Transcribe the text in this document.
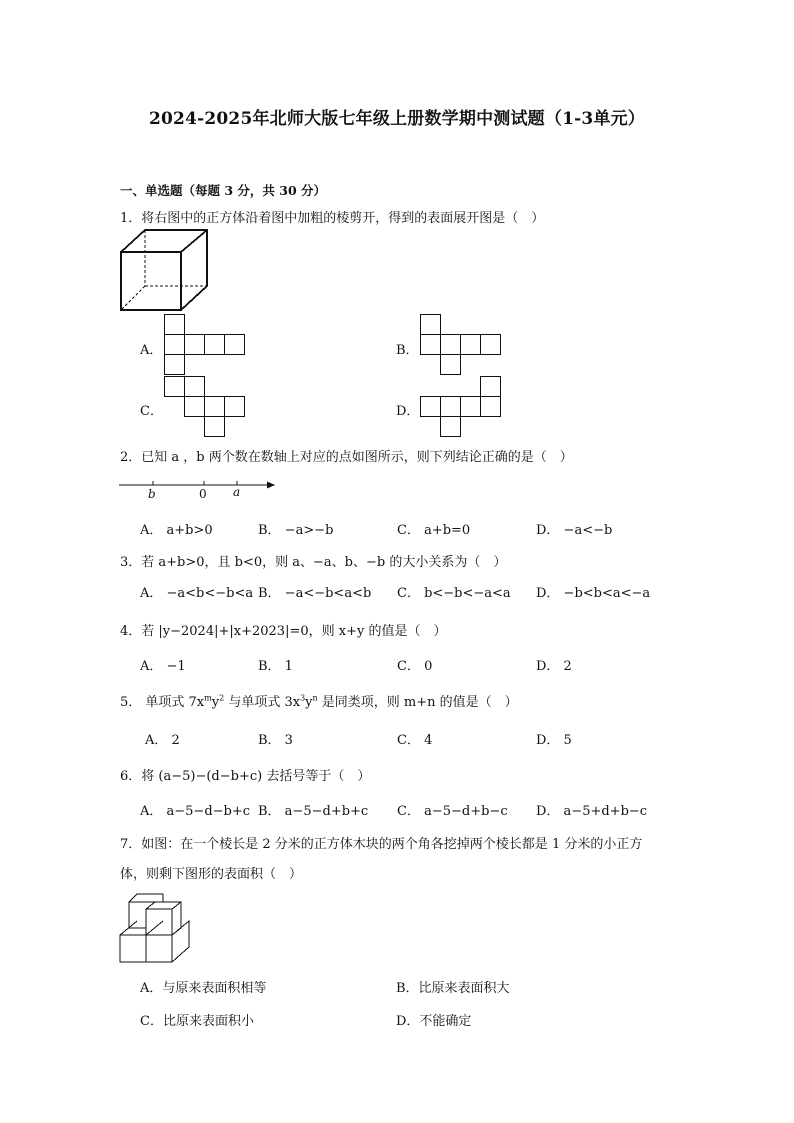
2024-2025年北师大版七年级上册数学期中测试题（1-3单元）
一、单选题（每题 3 分，共 30 分）
1．将右图中的正方体沿着图中加粗的棱剪开，得到的表面展开图是（　）
A．	B．
C．	D．
2．已知 a ，b 两个数在数轴上对应的点如图所示，则下列结论正确的是（　）
b	0 a
A． a+b>0	B． −a>−b	C． a+b=0	D． −a<−b
3．若 a+b>0，且 b<0，则 a、−a、b、−b 的大小关系为（　）
A． −a<b<−b<a B． −a<−b<a<b C． b<−b<−a<a D． −b<b<a<−a
4．若 |y−2024|+|x+2023|=0，则 x+y 的值是（　）
A． −1	B． 1	C． 0	D． 2
5． 单项式 $7x^my^2$ 与单项式 $3x^3y^n$ 是同类项，则 m+n 的值是（　）
A． 2	B． 3	C． 4	D． 5
6．将 (a−5)−(d−b+c) 去括号等于（　）
A． a−5−d−b+c B． a−5−d+b+c C． a−5−d+b−c D． a−5+d+b−c
7．如图：在一个棱长是 2 分米的正方体木块的两个角各挖掉两个棱长都是 1 分米的小正方
体，则剩下图形的表面积（　）
A．与原来表面积相等	B．比原来表面积大
C．比原来表面积小	D．不能确定
